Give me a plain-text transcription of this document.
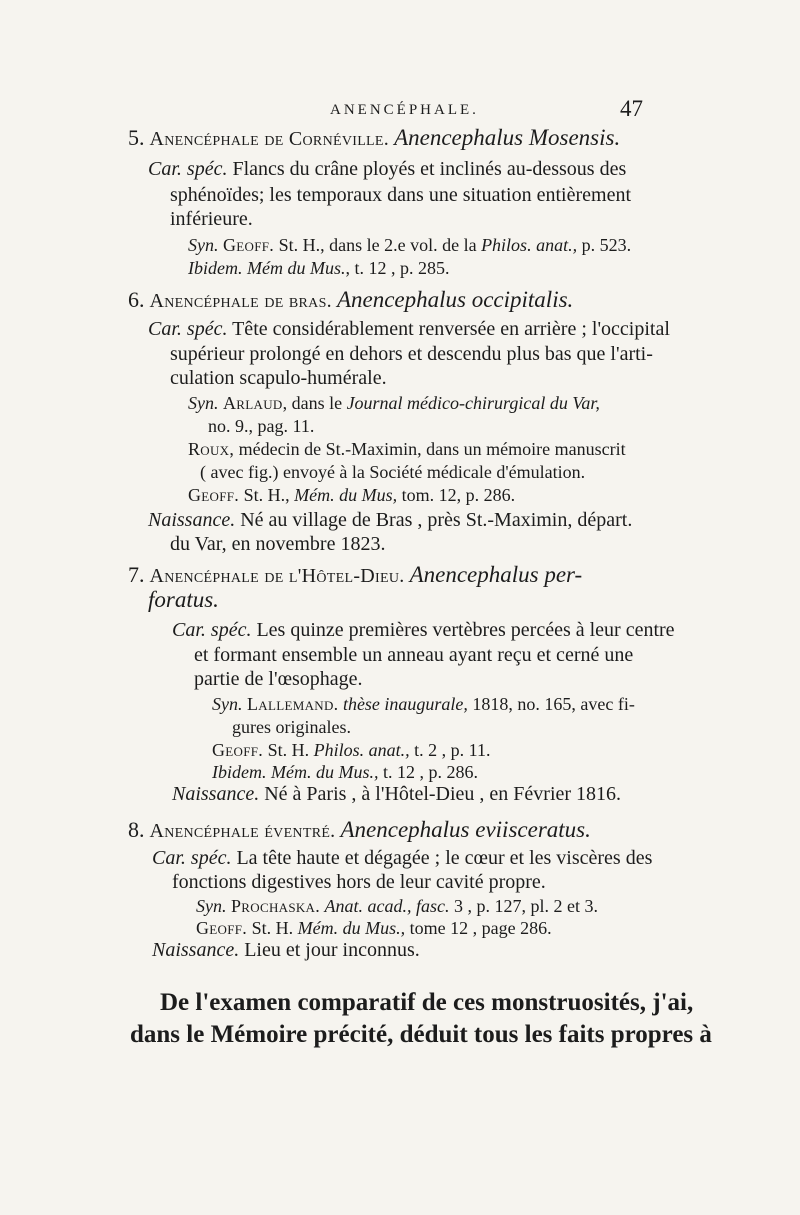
ANENCÉPHALE.	47
5. Anencéphale de Cornéville. Anencephalus Mosensis.
Car. spéc. Flancs du crâne ployés et inclinés au-dessous des
sphénoïdes; les temporaux dans une situation entièrement
inférieure.
Syn. Geoff. St. H., dans le 2.e vol. de la Philos. anat., p. 523.
Ibidem. Mém du Mus., t. 12 , p. 285.
6. Anencéphale de bras. Anencephalus occipitalis.
Car. spéc. Tête considérablement renversée en arrière ; l'occipital
supérieur prolongé en dehors et descendu plus bas que l'arti-
culation scapulo-humérale.
Syn. Arlaud, dans le Journal médico-chirurgical du Var,
no. 9., pag. 11.
Roux, médecin de St.-Maximin, dans un mémoire manuscrit
( avec fig.) envoyé à la Société médicale d'émulation.
Geoff. St. H., Mém. du Mus, tom. 12, p. 286.
Naissance. Né au village de Bras , près St.-Maximin, départ.
du Var, en novembre 1823.
7. Anencéphale de l'Hôtel-Dieu. Anencephalus per-
foratus.
Car. spéc. Les quinze premières vertèbres percées à leur centre
et formant ensemble un anneau ayant reçu et cerné une
partie de l'œsophage.
Syn. Lallemand. thèse inaugurale, 1818, no. 165, avec fi-
gures originales.
Geoff. St. H. Philos. anat., t. 2 , p. 11.
Ibidem. Mém. du Mus., t. 12 , p. 286.
Naissance. Né à Paris , à l'Hôtel-Dieu , en Février 1816.
8. Anencéphale éventré. Anencephalus eviisceratus.
Car. spéc. La tête haute et dégagée ; le cœur et les viscères des
fonctions digestives hors de leur cavité propre.
Syn. Prochaska. Anat. acad., fasc. 3 , p. 127, pl. 2 et 3.
Geoff. St. H. Mém. du Mus., tome 12 , page 286.
Naissance. Lieu et jour inconnus.
De l'examen comparatif de ces monstruosités, j'ai,
dans le Mémoire précité, déduit tous les faits propres à
